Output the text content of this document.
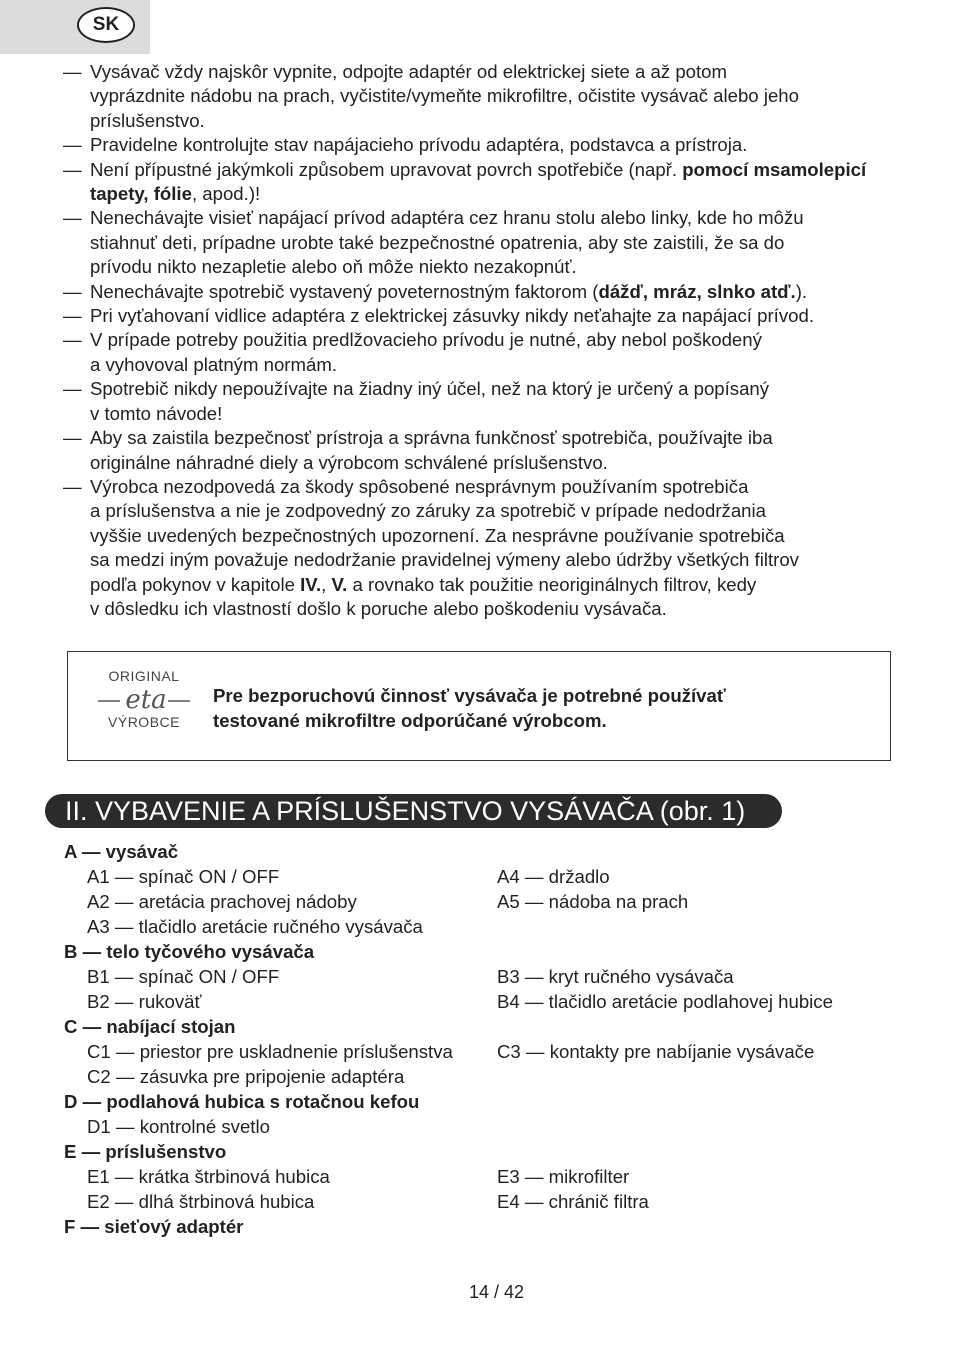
SK
— Vysávač vždy najskôr vypnite, odpojte adaptér od elektrickej siete a až potom
vyprázdnite nádobu na prach, vyčistite/vymeňte mikrofiltre, očistite vysávač alebo jeho
príslušenstvo.
— Pravidelne kontrolujte stav napájacieho prívodu adaptéra, podstavca a prístroja.
— Není přípustné jakýmkoli způsobem upravovat povrch spotřebiče (např. pomocí msamolepicí tapety, fólie, apod.)!
— Nenechávajte visieť napájací prívod adaptéra cez hranu stolu alebo linky, kde ho môžu
stiahnuť deti, prípadne urobte také bezpečnostné opatrenia, aby ste zaistili, že sa do
prívodu nikto nezapletie alebo oň môže niekto nezakopnúť.
— Nenechávajte spotrebič vystavený poveternostným faktorom (dážď, mráz, slnko atď.).
— Pri vyťahovaní vidlice adaptéra z elektrickej zásuvky nikdy neťahajte za napájací prívod.
— V prípade potreby použitia predlžovacieho prívodu je nutné, aby nebol poškodený
a vyhovoval platným normám.
— Spotrebič nikdy nepoužívajte na žiadny iný účel, než na ktorý je určený a popísaný
v tomto návode!
— Aby sa zaistila bezpečnosť prístroja a správna funkčnosť spotrebiča, používajte iba
originálne náhradné diely a výrobcom schválené príslušenstvo.
— Výrobca nezodpovedá za škody spôsobené nesprávnym používaním spotrebiča
a príslušenstva a nie je zodpovedný zo záruky za spotrebič v prípade nedodržania
vyššie uvedených bezpečnostných upozornení. Za nesprávne používanie spotrebiča
sa medzi iným považuje nedodržanie pravidelnej výmeny alebo údržby všetkých filtrov
podľa pokynov v kapitole IV., V. a rovnako tak použitie neoriginálnych filtrov, kedy
v dôsledku ich vlastností došlo k poruche alebo poškodeniu vysávača.
ORIGINAL
eta
VÝROBCE
Pre bezporuchovú činnosť vysávača je potrebné používať
testované mikrofiltre odporúčané výrobcom.
II. VYBAVENIE A PRÍSLUŠENSTVO VYSÁVAČA (obr. 1)
A — vysávač
A1 — spínač ON / OFF	A4 — držadlo
A2 — aretácia prachovej nádoby	A5 — nádoba na prach
A3 — tlačidlo aretácie ručného vysávača
B — telo tyčového vysávača
B1 — spínač ON / OFF	B3 — kryt ručného vysávača
B2 — rukoväť	B4 — tlačidlo aretácie podlahovej hubice
C — nabíjací stojan
C1 — priestor pre uskladnenie príslušenstva C3 — kontakty pre nabíjanie vysávače
C2 — zásuvka pre pripojenie adaptéra
D — podlahová hubica s rotačnou kefou
D1 — kontrolné svetlo
E — príslušenstvo
E1 — krátka štrbinová hubica	E3 — mikrofilter
E2 — dlhá štrbinová hubica	E4 — chránič filtra
F — sieťový adaptér
14 / 42
